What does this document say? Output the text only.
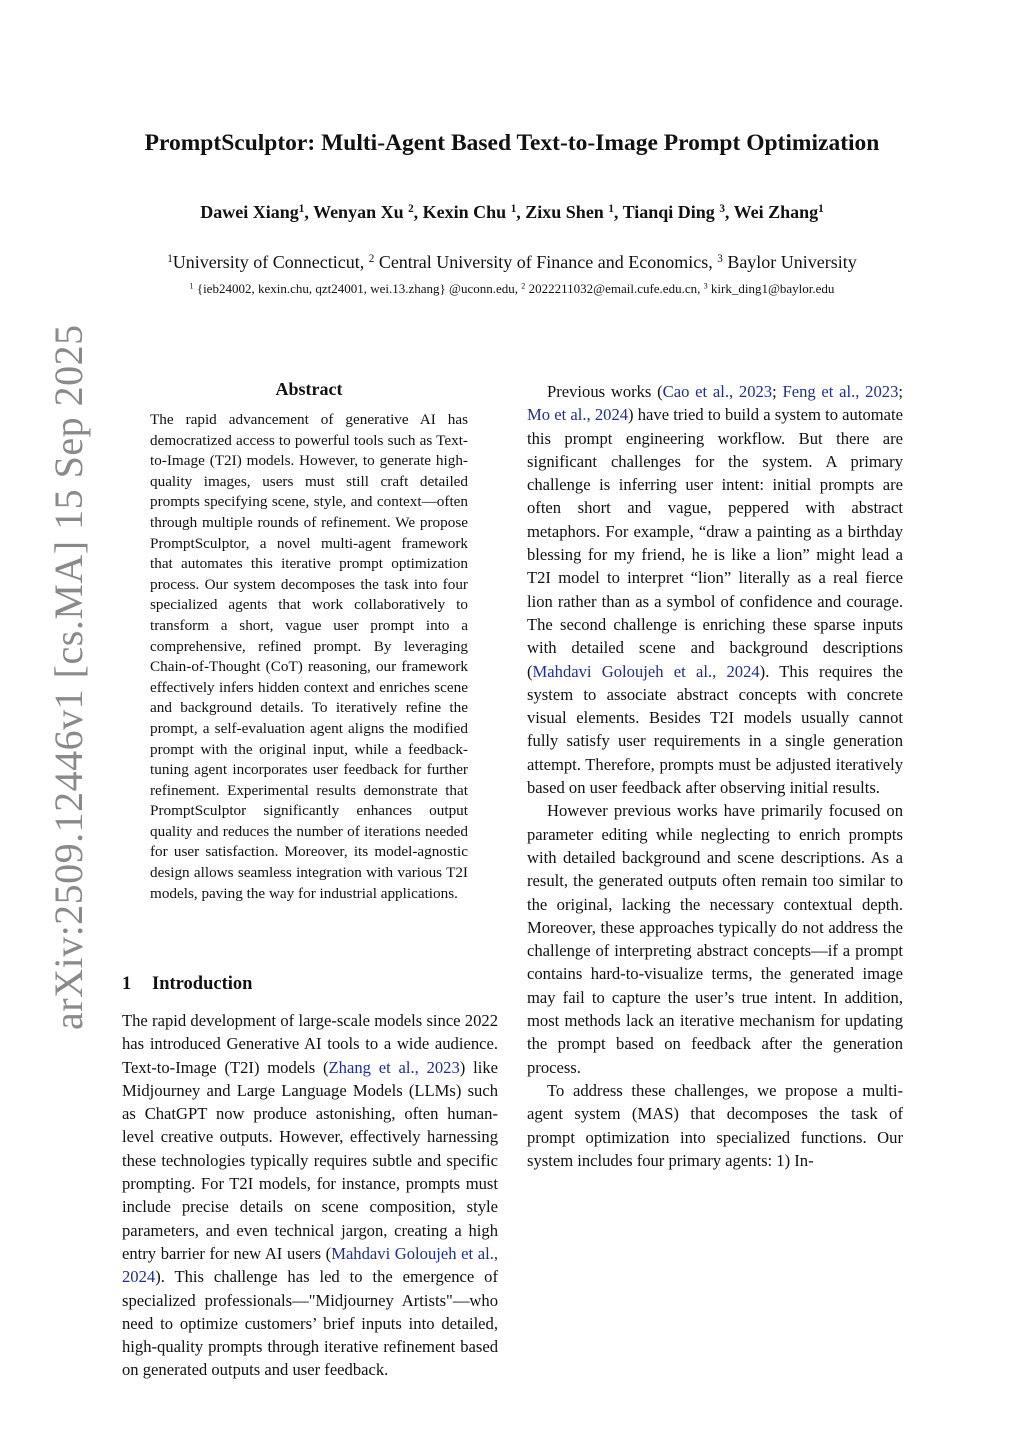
arXiv:2509.12446v1 [cs.MA] 15 Sep 2025
PromptSculptor: Multi-Agent Based Text-to-Image Prompt Optimization
Dawei Xiang$^1$, Wenyan Xu $^2$, Kexin Chu $^1$, Zixu Shen $^1$, Tianqi Ding $^3$, Wei Zhang$^1$
$^1$University of Connecticut, $^2$ Central University of Finance and Economics, $^3$ Baylor University
$^1$ {ieb24002, kexin.chu, qzt24001, wei.13.zhang} @uconn.edu, $^2$ 2022211032@email.cufe.edu.cn, $^3$ kirk_ding1@baylor.edu
Abstract
The rapid advancement of generative AI has democratized access to powerful tools such as Text-to-Image (T2I) models. However, to generate high-quality images, users must still craft detailed prompts specifying scene, style, and context—often through multiple rounds of refinement. We propose PromptSculptor, a novel multi-agent framework that automates this iterative prompt optimization process. Our system decomposes the task into four specialized agents that work collaboratively to transform a short, vague user prompt into a comprehensive, refined prompt. By leveraging Chain-of-Thought (CoT) reasoning, our framework effectively infers hidden context and enriches scene and background details. To iteratively refine the prompt, a self-evaluation agent aligns the modified prompt with the original input, while a feedback-tuning agent incorporates user feedback for further refinement. Experimental results demonstrate that PromptSculptor significantly enhances output quality and reduces the number of iterations needed for user satisfaction. Moreover, its model-agnostic design allows seamless integration with various T2I models, paving the way for industrial applications.
1 Introduction

The rapid development of large-scale models since 2022 has introduced Generative AI tools to a wide audience. Text-to-Image (T2I) models (Zhang et al., 2023) like Midjourney and Large Language Models (LLMs) such as ChatGPT now produce astonishing, often human-level creative outputs. However, effectively harnessing these technologies typically requires subtle and specific prompting. For T2I models, for instance, prompts must include precise details on scene composition, style parameters, and even technical jargon, creating a high entry barrier for new AI users (Mahdavi Goloujeh et al., 2024). This challenge has led to the emergence of specialized professionals—"Midjourney Artists"—who need to optimize customers’ brief inputs into detailed, high-quality prompts through iterative refinement based on generated outputs and user feedback.

Previous works (Cao et al., 2023; Feng et al., 2023; Mo et al., 2024) have tried to build a system to automate this prompt engineering workflow. But there are significant challenges for the system. A primary challenge is inferring user intent: initial prompts are often short and vague, peppered with abstract metaphors. For example, “draw a painting as a birthday blessing for my friend, he is like a lion” might lead a T2I model to interpret “lion” literally as a real fierce lion rather than as a symbol of confidence and courage. The second challenge is enriching these sparse inputs with detailed scene and background descriptions (Mahdavi Goloujeh et al., 2024). This requires the system to associate abstract concepts with concrete visual elements. Besides T2I models usually cannot fully satisfy user requirements in a single generation attempt. Therefore, prompts must be adjusted iteratively based on user feedback after observing initial results.

However previous works have primarily focused on parameter editing while neglecting to enrich prompts with detailed background and scene descriptions. As a result, the generated outputs often remain too similar to the original, lacking the necessary contextual depth. Moreover, these approaches typically do not address the challenge of interpreting abstract concepts—if a prompt contains hard-to-visualize terms, the generated image may fail to capture the user’s true intent. In addition, most methods lack an iterative mechanism for updating the prompt based on feedback after the generation process.

To address these challenges, we propose a multi-agent system (MAS) that decomposes the task of prompt optimization into specialized functions. Our system includes four primary agents: 1) In-
